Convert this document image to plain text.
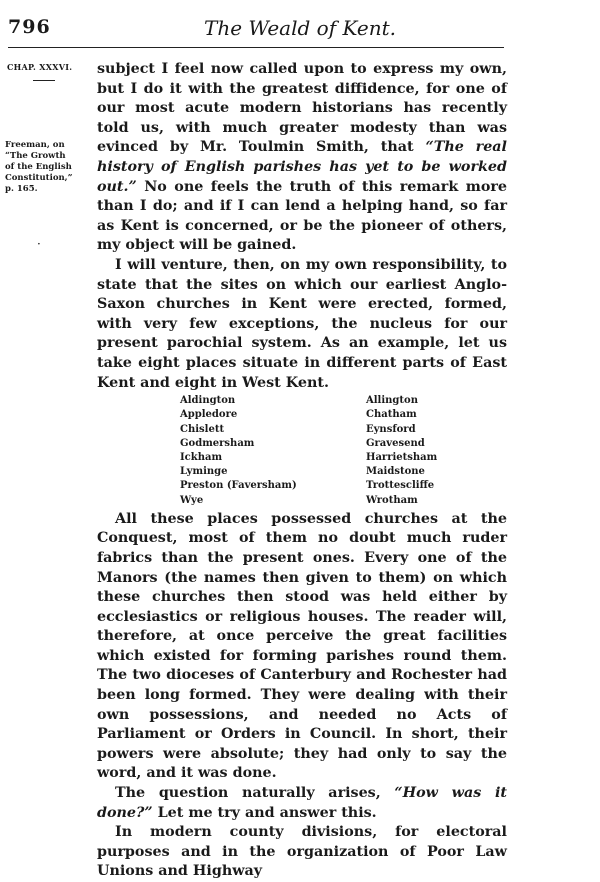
796	The Weald of Kent.
CHAP. XXXVI.
Freeman, on
“The Growth
of the English
Constitution,”
p. 165.
·

subject I feel now called upon to express my own, but I do it with the greatest diffidence, for one of our most acute modern historians has recently told us, with much greater modesty than was evinced by Mr. Toulmin Smith, that “The real history of English parishes has yet to be worked out.” No one feels the truth of this remark more than I do; and if I can lend a helping hand, so far as Kent is concerned, or be the pioneer of others, my object will be gained.

I will venture, then, on my own responsibility, to state that the sites on which our earliest Anglo-Saxon churches in Kent were erected, formed, with very few exceptions, the nucleus for our present parochial system. As an example, let us take eight places situate in different parts of East Kent and eight in West Kent.

Aldington	Allington
Appledore	Chatham
Chislett	Eynsford
Godmersham	Gravesend
Ickham	Harrietsham
Lyminge	Maidstone
Preston (Faversham)	Trottescliffe
Wye	Wrotham

All these places possessed churches at the Conquest, most of them no doubt much ruder fabrics than the present ones. Every one of the Manors (the names then given to them) on which these churches then stood was held either by ecclesiastics or religious houses. The reader will, therefore, at once perceive the great facilities which existed for forming parishes round them. The two dioceses of Canterbury and Rochester had been long formed. They were dealing with their own possessions, and needed no Acts of Parliament or Orders in Council. In short, their powers were absolute; they had only to say the word, and it was done.

The question naturally arises, “How was it done?” Let me try and answer this.

In modern county divisions, for electoral purposes and in the organization of Poor Law Unions and Highway
